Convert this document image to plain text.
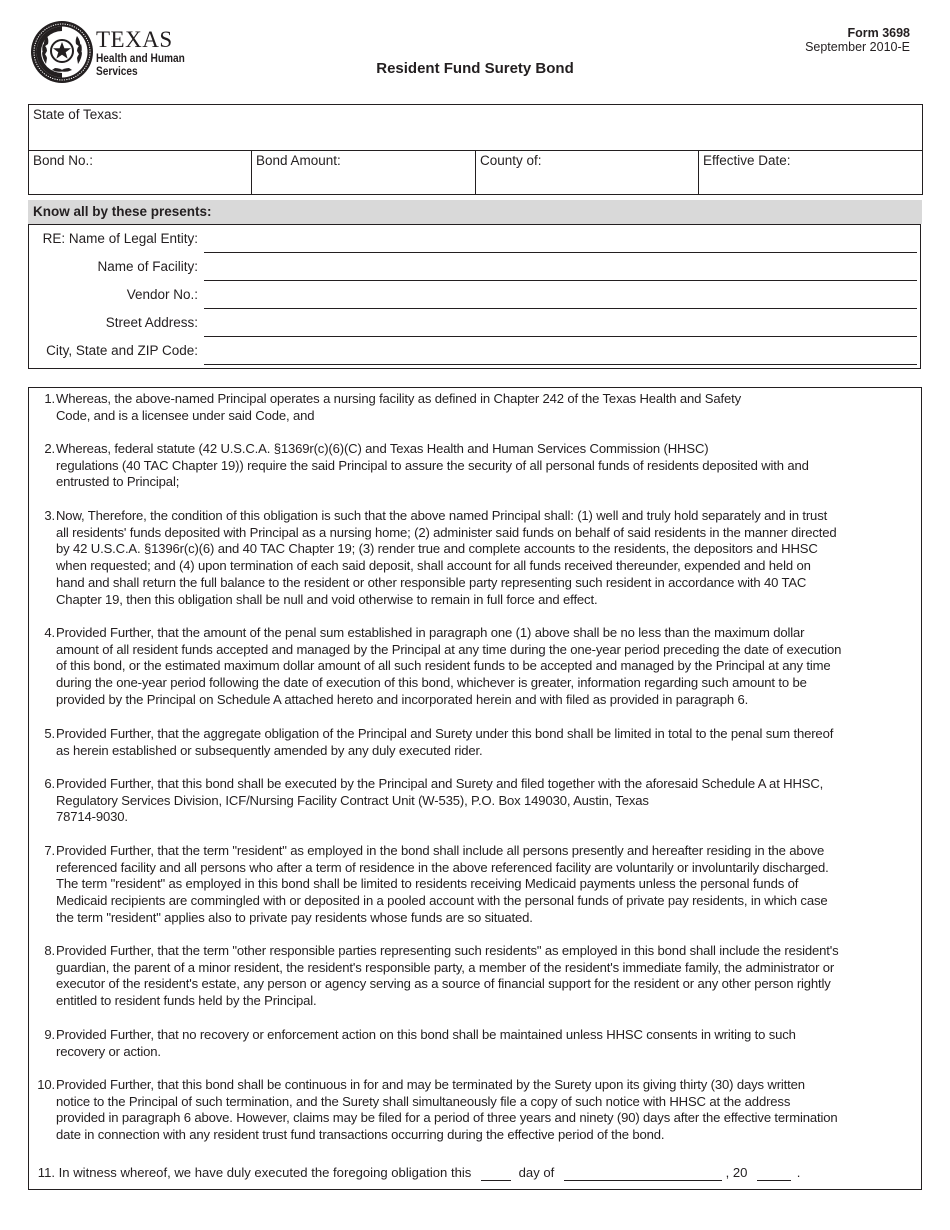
TEXAS
Health and Human
Services
Form 3698
September 2010-E
Resident Fund Surety Bond
State of Texas:
Bond No.:	Bond Amount:	County of:	Effective Date:
Know all by these presents:
RE: Name of Legal Entity:
Name of Facility:
Vendor No.:
Street Address:
City, State and ZIP Code:
1. Whereas, the above-named Principal operates a nursing facility as defined in Chapter 242 of the Texas Health and Safety
Code, and is a licensee under said Code, and
2. Whereas, federal statute (42 U.S.C.A. §1369r(c)(6)(C) and Texas Health and Human Services Commission (HHSC)
regulations (40 TAC Chapter 19)) require the said Principal to assure the security of all personal funds of residents deposited with and
entrusted to Principal;
3. Now, Therefore, the condition of this obligation is such that the above named Principal shall: (1) well and truly hold separately and in trust
all residents' funds deposited with Principal as a nursing home; (2) administer said funds on behalf of said residents in the manner directed
by 42 U.S.C.A. §1396r(c)(6) and 40 TAC Chapter 19; (3) render true and complete accounts to the residents, the depositors and HHSC
when requested; and (4) upon termination of each said deposit, shall account for all funds received thereunder, expended and held on
hand and shall return the full balance to the resident or other responsible party representing such resident in accordance with 40 TAC
Chapter 19, then this obligation shall be null and void otherwise to remain in full force and effect.
4. Provided Further, that the amount of the penal sum established in paragraph one (1) above shall be no less than the maximum dollar
amount of all resident funds accepted and managed by the Principal at any time during the one-year period preceding the date of execution
of this bond, or the estimated maximum dollar amount of all such resident funds to be accepted and managed by the Principal at any time
during the one-year period following the date of execution of this bond, whichever is greater, information regarding such amount to be
provided by the Principal on Schedule A attached hereto and incorporated herein and with filed as provided in paragraph 6.
5. Provided Further, that the aggregate obligation of the Principal and Surety under this bond shall be limited in total to the penal sum thereof
as herein established or subsequently amended by any duly executed rider.
6. Provided Further, that this bond shall be executed by the Principal and Surety and filed together with the aforesaid Schedule A at HHSC,
Regulatory Services Division, ICF/Nursing Facility Contract Unit (W-535), P.O. Box 149030, Austin, Texas
78714-9030.
7. Provided Further, that the term "resident" as employed in the bond shall include all persons presently and hereafter residing in the above
referenced facility and all persons who after a term of residence in the above referenced facility are voluntarily or involuntarily discharged.
The term "resident" as employed in this bond shall be limited to residents receiving Medicaid payments unless the personal funds of
Medicaid recipients are commingled with or deposited in a pooled account with the personal funds of private pay residents, in which case
the term "resident" applies also to private pay residents whose funds are so situated.
8. Provided Further, that the term "other responsible parties representing such residents" as employed in this bond shall include the resident's
guardian, the parent of a minor resident, the resident's responsible party, a member of the resident's immediate family, the administrator or
executor of the resident's estate, any person or agency serving as a source of financial support for the resident or any other person rightly
entitled to resident funds held by the Principal.
9. Provided Further, that no recovery or enforcement action on this bond shall be maintained unless HHSC consents in writing to such
recovery or action.
10. Provided Further, that this bond shall be continuous in for and may be terminated by the Surety upon its giving thirty (30) days written
notice to the Principal of such termination, and the Surety shall simultaneously file a copy of such notice with HHSC at the address
provided in paragraph 6 above. However, claims may be filed for a period of three years and ninety (90) days after the effective termination
date in connection with any resident trust fund transactions occurring during the effective period of the bond.
11. In witness whereof, we have duly executed the foregoing obligation this	day of	, 20	.
